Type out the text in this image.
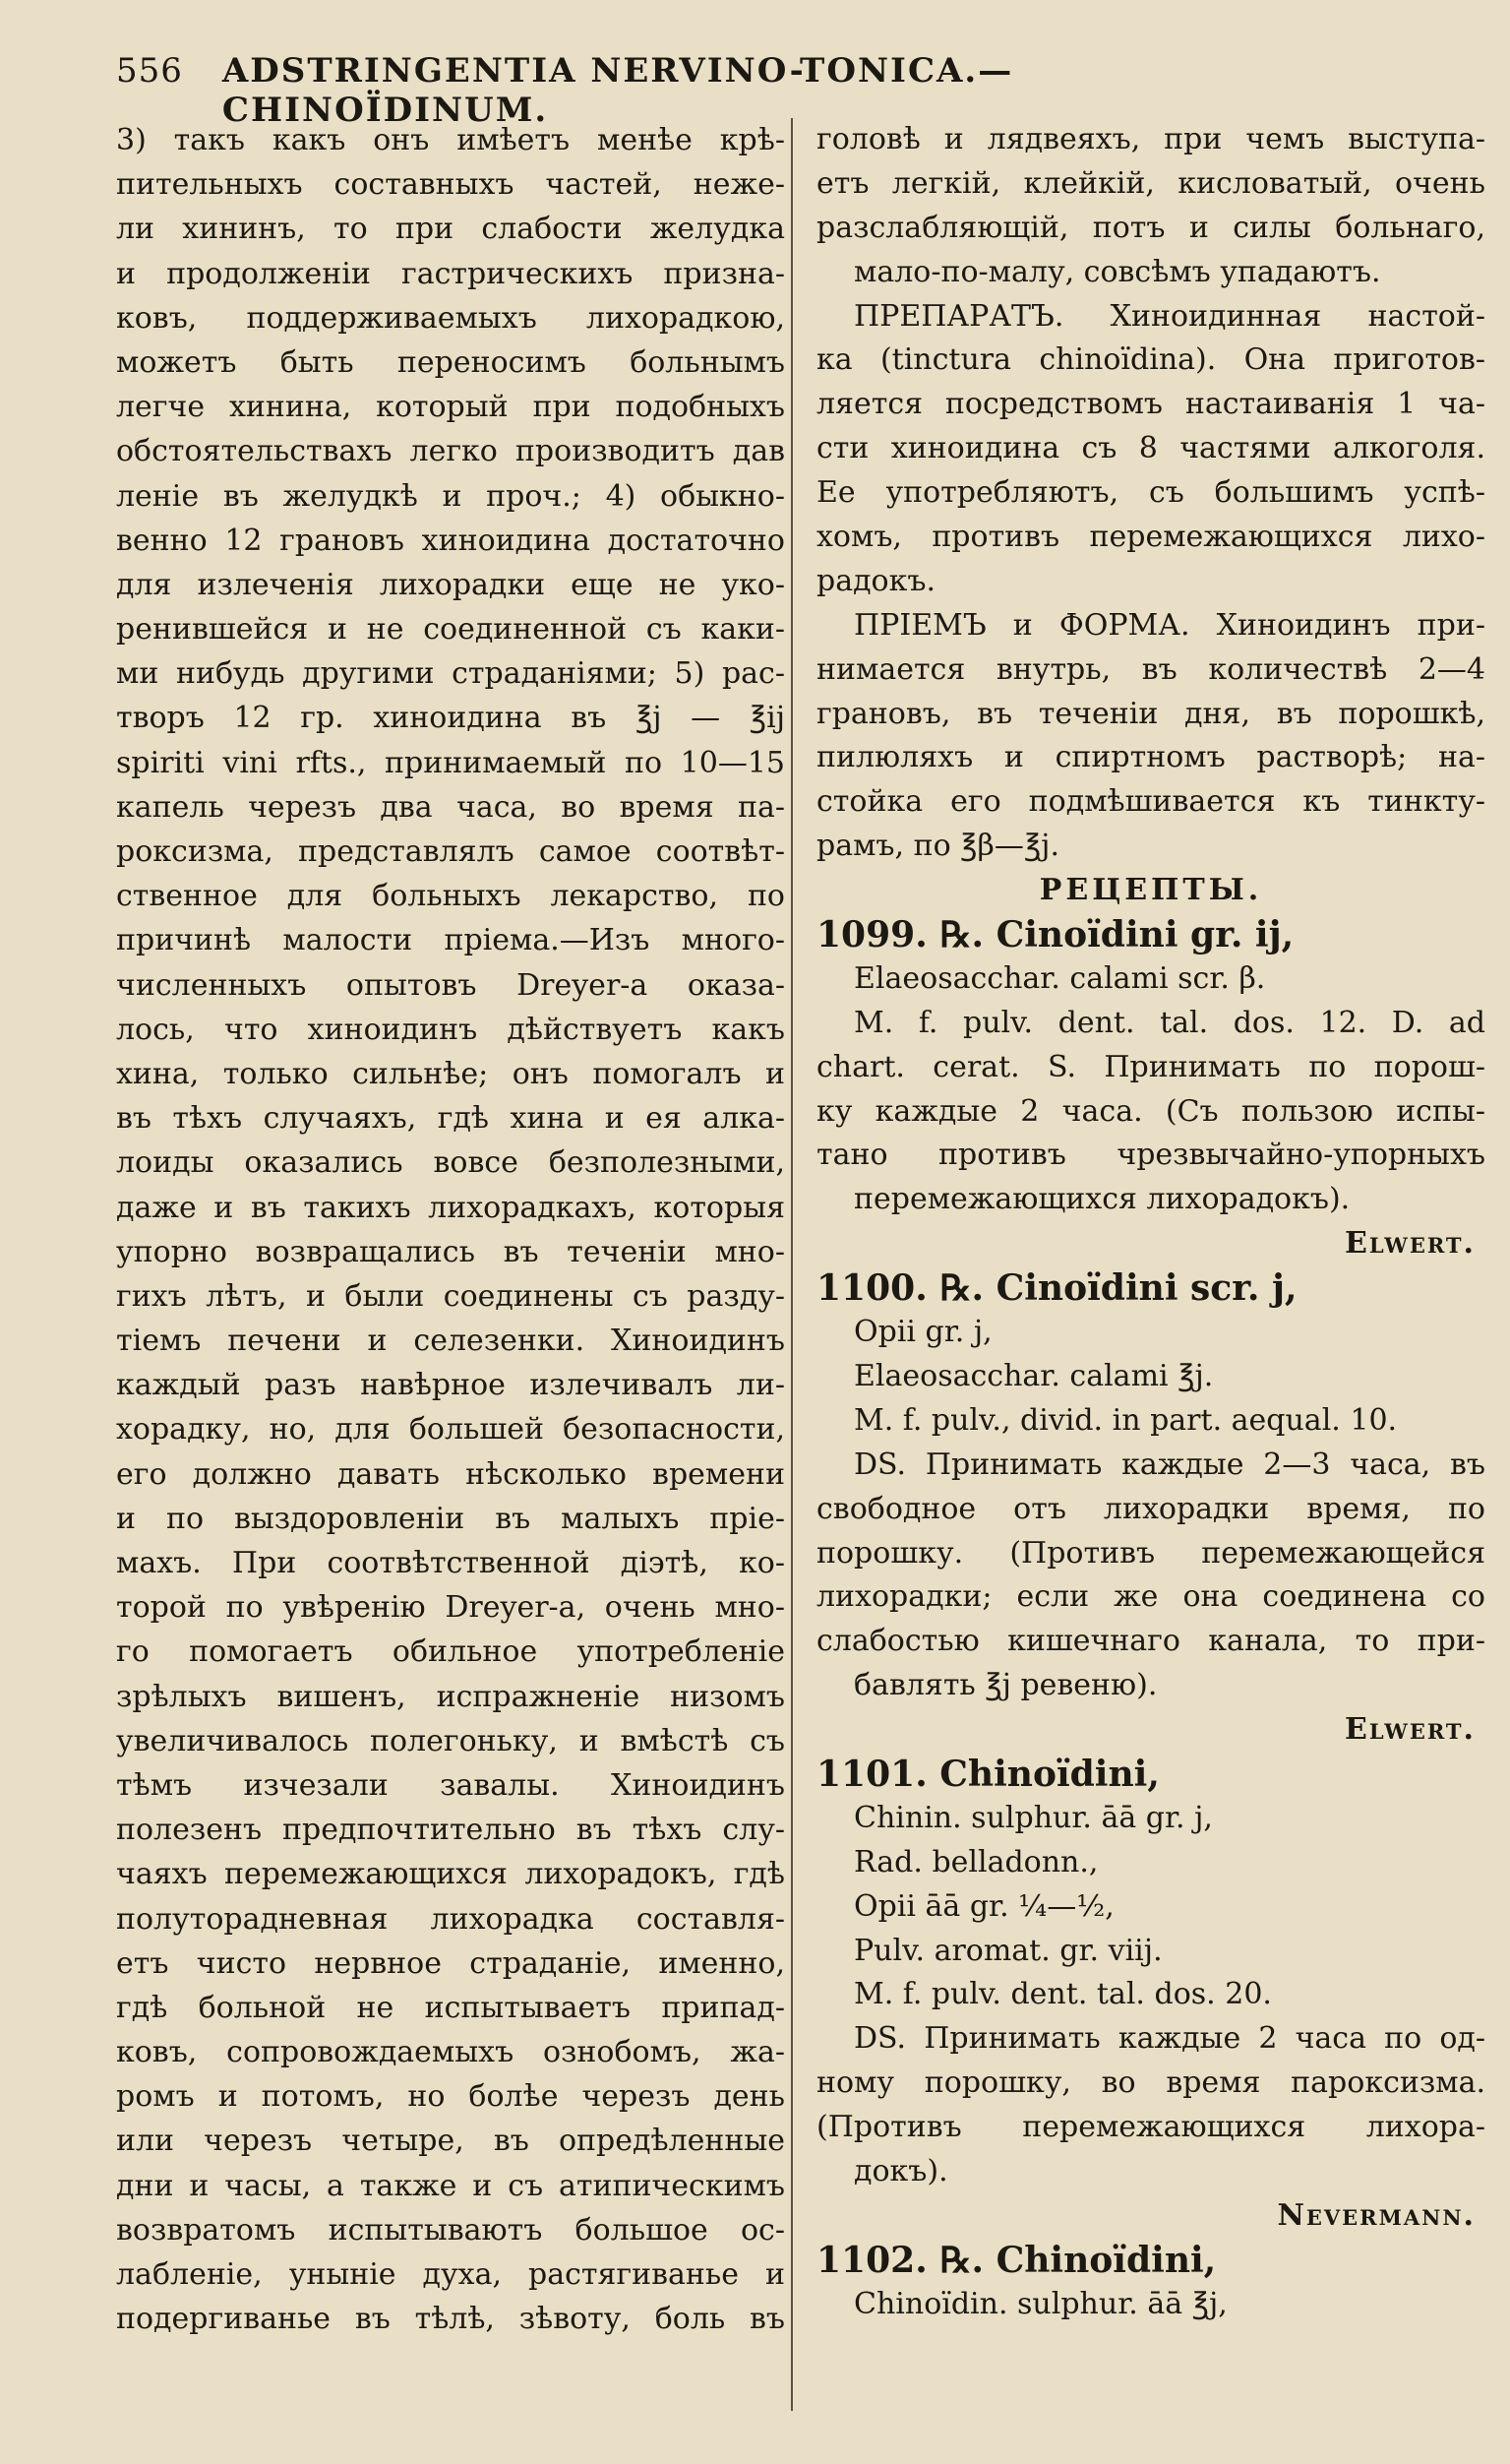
556 ADSTRINGENTIA NERVINO-TONICA.—CHINOÏDINUM.
3) такъ какъ онъ имѣетъ менѣе крѣ-
пительныхъ составныхъ частей, неже-
ли хининъ, то при слабости желудка
и продолженіи гастрическихъ призна-
ковъ, поддерживаемыхъ лихорадкою,
можетъ быть переносимъ больнымъ
легче хинина, который при подобныхъ
обстоятельствахъ легко производитъ дав
леніе въ желудкѣ и проч.; 4) обыкно-
венно 12 грановъ хиноидина достаточно
для излеченія лихорадки еще не уко-
ренившейся и не соединенной съ каки-
ми нибудь другими страданіями; 5) рас-
творъ 12 гр. хиноидина въ ℥j — ℥ij
spiriti vini rfts., принимаемый по 10—15
капель черезъ два часа, во время па-
роксизма, представлялъ самое соотвѣт-
ственное для больныхъ лекарство, по
причинѣ малости пріема.—Изъ много-
численныхъ опытовъ Dreyer-а оказа-
лось, что хиноидинъ дѣйствуетъ какъ
хина, только сильнѣе; онъ помогалъ и
въ тѣхъ случаяхъ, гдѣ хина и ея алка-
лоиды оказались вовсе безполезными,
даже и въ такихъ лихорадкахъ, которыя
упорно возвращались въ теченіи мно-
гихъ лѣтъ, и были соединены съ разду-
тіемъ печени и селезенки. Хиноидинъ
каждый разъ навѣрное излечивалъ ли-
хорадку, но, для большей безопасности,
его должно давать нѣсколько времени
и по выздоровленіи въ малыхъ пріе-
махъ. При соотвѣтственной діэтѣ, ко-
торой по увѣренію Dreyer-а, очень мно-
го помогаетъ обильное употребленіе
зрѣлыхъ вишенъ, испражненіе низомъ
увеличивалось полегоньку, и вмѣстѣ съ
тѣмъ изчезали завалы. Хиноидинъ
полезенъ предпочтительно въ тѣхъ слу-
чаяхъ перемежающихся лихорадокъ, гдѣ
полуторадневная лихорадка составля-
етъ чисто нервное страданіе, именно,
гдѣ больной не испытываетъ припад-
ковъ, сопровождаемыхъ ознобомъ, жа-
ромъ и потомъ, но болѣе черезъ день
или черезъ четыре, въ опредѣленные
дни и часы, а также и съ атипическимъ
возвратомъ испытываютъ большое ос-
лабленіе, уныніе духа, растягиванье и
подергиванье въ тѣлѣ, зѣвоту, боль въ
головѣ и лядвеяхъ, при чемъ выступа-
етъ легкій, клейкій, кисловатый, очень
разслабляющій, потъ и силы больнаго,
мало-по-малу, совсѣмъ упадаютъ.
ПРЕПАРАТЪ. Хиноидинная настой-
ка (tinctura chinoïdina). Она приготов-
ляется посредствомъ настаиванія 1 ча-
сти хиноидина съ 8 частями алкоголя.
Ее употребляютъ, съ большимъ успѣ-
хомъ, противъ перемежающихся лихо-
радокъ.
ПРІЕМЪ и ФОРМА. Хиноидинъ при-
нимается внутрь, въ количествѣ 2—4
грановъ, въ теченіи дня, въ порошкѣ,
пилюляхъ и спиртномъ растворѣ; на-
стойка его подмѣшивается къ тинкту-
рамъ, по ℥β—℥j.
РЕЦЕПТЫ.
1099. ℞. Cinoïdini gr. ij,
Elaeosacchar. calami scr. β.
M. f. pulv. dent. tal. dos. 12. D. ad
chart. cerat. S. Принимать по порош-
ку каждые 2 часа. (Съ пользою испы-
тано противъ чрезвычайно-упорныхъ
перемежающихся лихорадокъ).
Elwert.
1100. ℞. Cinoïdini scr. j,
Opii gr. j,
Elaeosacchar. calami ℥j.
M. f. pulv., divid. in part. aequal. 10.
DS. Принимать каждые 2—3 часа, въ
свободное отъ лихорадки время, по
порошку. (Противъ перемежающейся
лихорадки; если же она соединена со
слабостью кишечнаго канала, то при-
бавлять ℥j ревеню).
Elwert.
1101. Chinoïdini,
Chinin. sulphur. āā gr. j,
Rad. belladonn.,
Opii āā gr. ¼—½,
Pulv. aromat. gr. viij.
M. f. pulv. dent. tal. dos. 20.
DS. Принимать каждые 2 часа по од-
ному порошку, во время пароксизма.
(Противъ перемежающихся лихора-
докъ).
Nevermann.
1102. ℞. Chinoïdini,
Chinoïdin. sulphur. āā ℥j,
